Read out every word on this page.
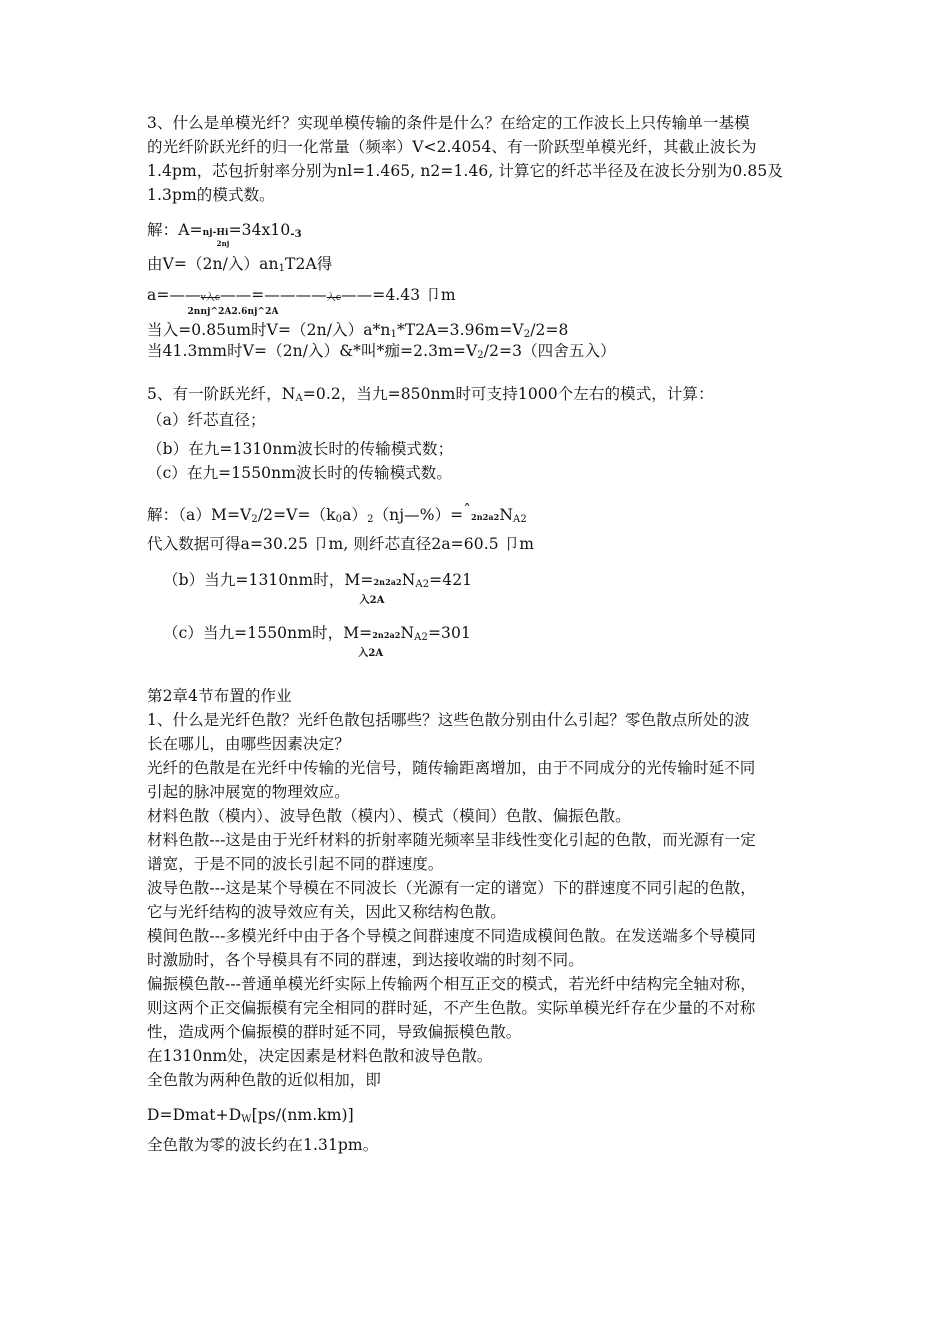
3、什么是单模光纤？实现单模传输的条件是什么？在给定的工作波长上只传输单一基模

的光纤阶跃光纤的归一化常量（频率）V<2.4054、有一阶跃型单模光纤，其截止波长为

1.4pm，芯包折射率分别为nl=1.465, n2=1.46, 计算它的纤芯半径及在波长分别为0.85及

1.3pm的模式数。

解：A=nj-Hi
2nj
$=34x10_{-3}$

由V=（2n/入）$an_1T2A$得

a=——v入c——
2nnj^2A2.6nj^2A
=————入c——=4.43 卩m

当入=0.85um时V=（2n/入）$a*n_1*T2A=3.96m=V_2/2=8$

当41.3mm时V=（2n/入）&*叫*痂$=2.3m=V_2/2=3$（四舍五入）

5、有一阶跃光纤，$N_A=0.2$，当九=850nm时可支持1000个左右的模式，计算：

（a）纤芯直径；

（b）在九=1310nm波长时的传输模式数；

（c）在九=1550nm波长时的传输模式数。

解：$(a)M=V_2/2=V=(k_0a)_2(nj—\%)=ˆ2n2a2N_{A2}$

代入数据可得a=30.25 卩m, 则纤芯直径2a=60.5 卩m

（b）当九=1310nm时，M=2n2a2
入2A
$N_{A2}=421$

（c）当九=1550nm时，M=2n2a2
入2A
$N_{A2}=301$

第2章4节布置的作业

1、什么是光纤色散？光纤色散包括哪些？这些色散分别由什么引起？零色散点所处的波

长在哪儿，由哪些因素决定？

光纤的色散是在光纤中传输的光信号，随传输距离增加，由于不同成分的光传输时延不同

引起的脉冲展宽的物理效应。

材料色散（模内）、波导色散（模内）、模式（模间）色散、偏振色散。

材料色散---这是由于光纤材料的折射率随光频率呈非线性变化引起的色散，而光源有一定

谱宽，于是不同的波长引起不同的群速度。

波导色散---这是某个导模在不同波长（光源有一定的谱宽）下的群速度不同引起的色散，

它与光纤结构的波导效应有关，因此又称结构色散。

模间色散---多模光纤中由于各个导模之间群速度不同造成模间色散。在发送端多个导模同

时激励时，各个导模具有不同的群速，到达接收端的时刻不同。

偏振模色散---普通单模光纤实际上传输两个相互正交的模式，若光纤中结构完全轴对称，

则这两个正交偏振模有完全相同的群时延，不产生色散。实际单模光纤存在少量的不对称

性，造成两个偏振模的群时延不同，导致偏振模色散。

在1310nm处，决定因素是材料色散和波导色散。

全色散为两种色散的近似相加，即

$D=Dmat+D_W[ps/(nm.km)]$

全色散为零的波长约在1.31pm。
